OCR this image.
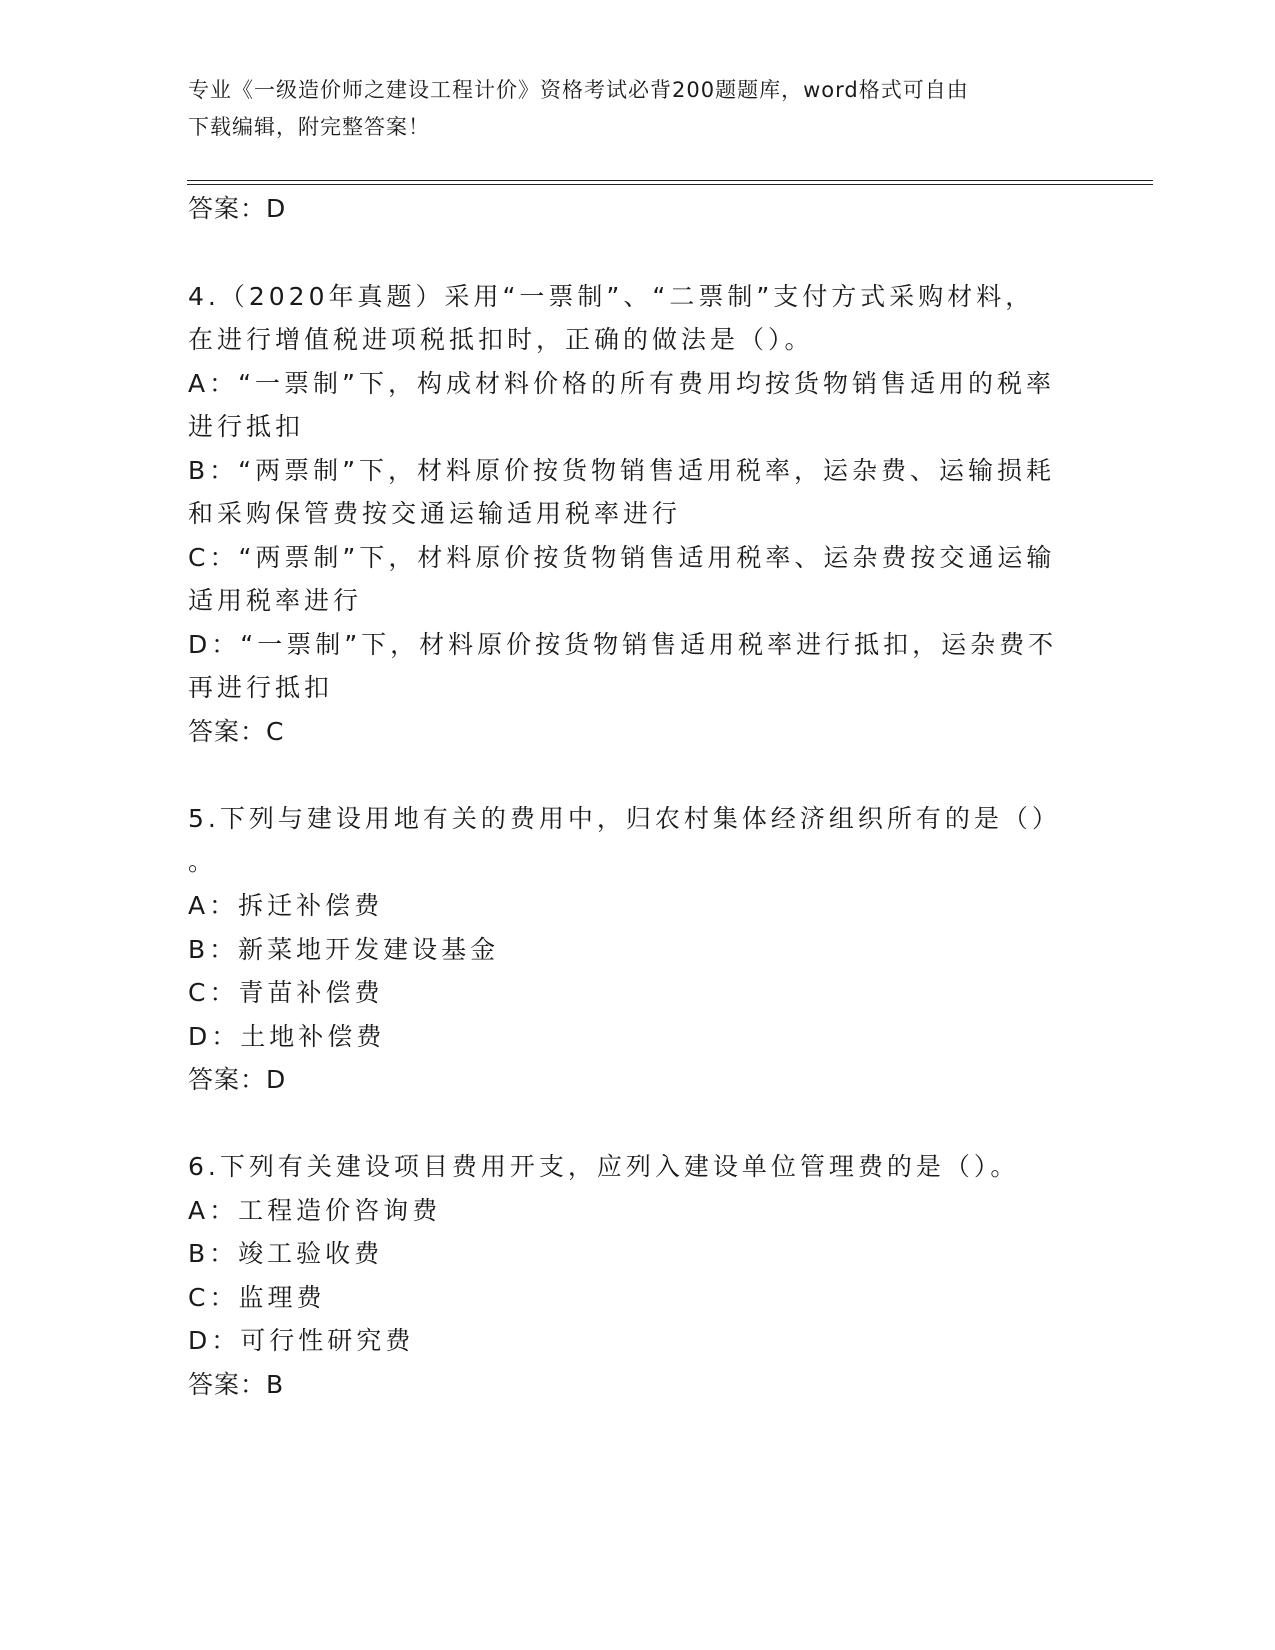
专业《一级造价师之建设工程计价》资格考试必背200题题库，word格式可自由
下载编辑，附完整答案！
答案：D
4.（2020年真题）采用“一票制”、“二票制”支付方式采购材料，
在进行增值税进项税抵扣时，正确的做法是（）。
A：“一票制”下，构成材料价格的所有费用均按货物销售适用的税率
进行抵扣
B：“两票制”下，材料原价按货物销售适用税率，运杂费、运输损耗
和采购保管费按交通运输适用税率进行
C：“两票制”下，材料原价按货物销售适用税率、运杂费按交通运输
适用税率进行
D：“一票制”下，材料原价按货物销售适用税率进行抵扣，运杂费不
再进行抵扣
答案：C
5.下列与建设用地有关的费用中，归农村集体经济组织所有的是（）
。
A：拆迁补偿费
B：新菜地开发建设基金
C：青苗补偿费
D：土地补偿费
答案：D
6.下列有关建设项目费用开支，应列入建设单位管理费的是（）。
A：工程造价咨询费
B：竣工验收费
C：监理费
D：可行性研究费
答案：B
